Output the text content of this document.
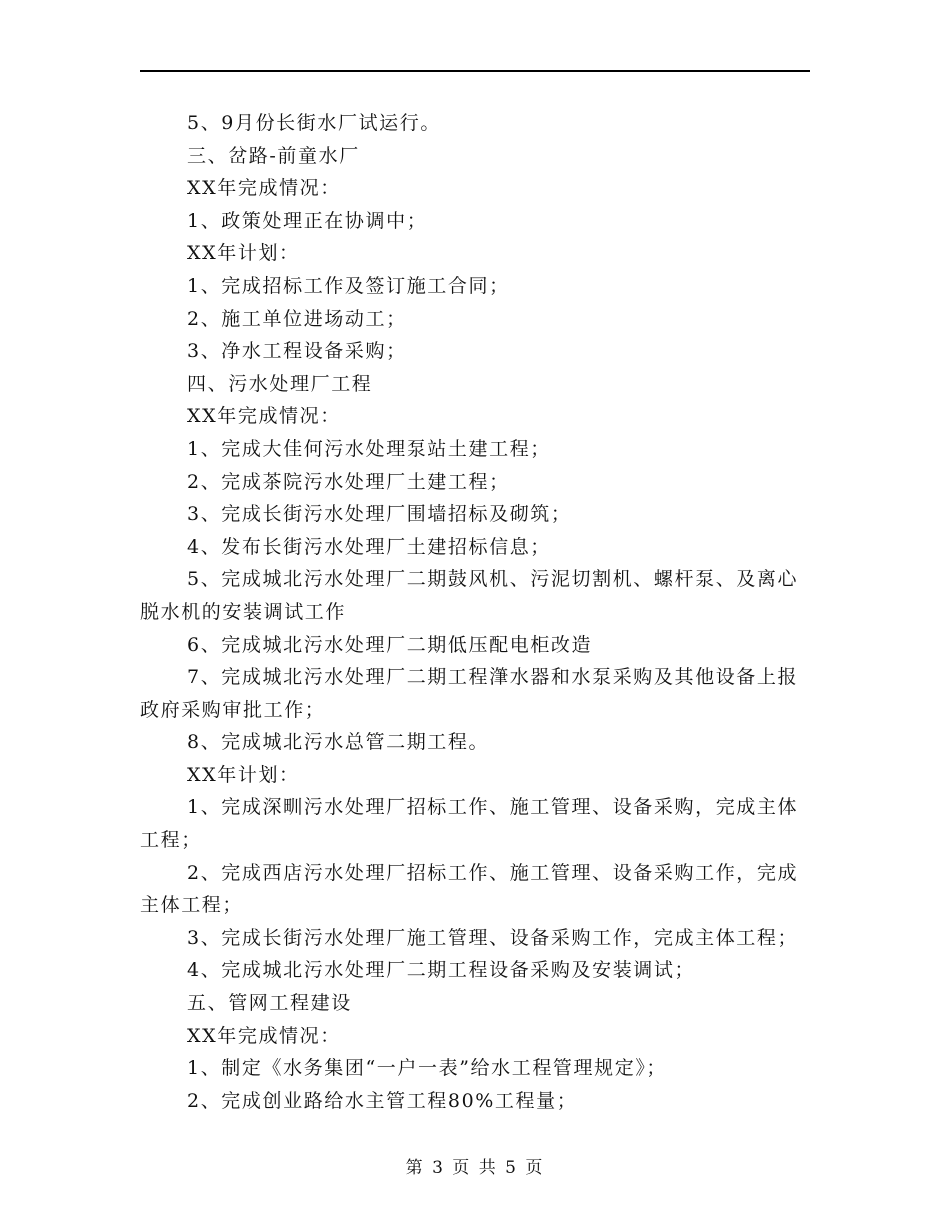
5、9月份长街水厂试运行。

三、岔路-前童水厂

XX年完成情况：

1、政策处理正在协调中；

XX年计划：

1、完成招标工作及签订施工合同；

2、施工单位进场动工；

3、净水工程设备采购；

四、污水处理厂工程

XX年完成情况：

1、完成大佳何污水处理泵站土建工程；

2、完成茶院污水处理厂土建工程；

3、完成长街污水处理厂围墙招标及砌筑；

4、发布长街污水处理厂土建招标信息；

5、完成城北污水处理厂二期鼓风机、污泥切割机、螺杆泵、及离心脱水机的安装调试工作

6、完成城北污水处理厂二期低压配电柜改造

7、完成城北污水处理厂二期工程潷水器和水泵采购及其他设备上报政府采购审批工作；

8、完成城北污水总管二期工程。

XX年计划：

1、完成深甽污水处理厂招标工作、施工管理、设备采购，完成主体工程；

2、完成西店污水处理厂招标工作、施工管理、设备采购工作，完成主体工程；

3、完成长街污水处理厂施工管理、设备采购工作，完成主体工程；

4、完成城北污水处理厂二期工程设备采购及安装调试；

五、管网工程建设

XX年完成情况：

1、制定《水务集团“一户一表”给水工程管理规定》；

2、完成创业路给水主管工程80%工程量；

第 3 页 共 5 页
